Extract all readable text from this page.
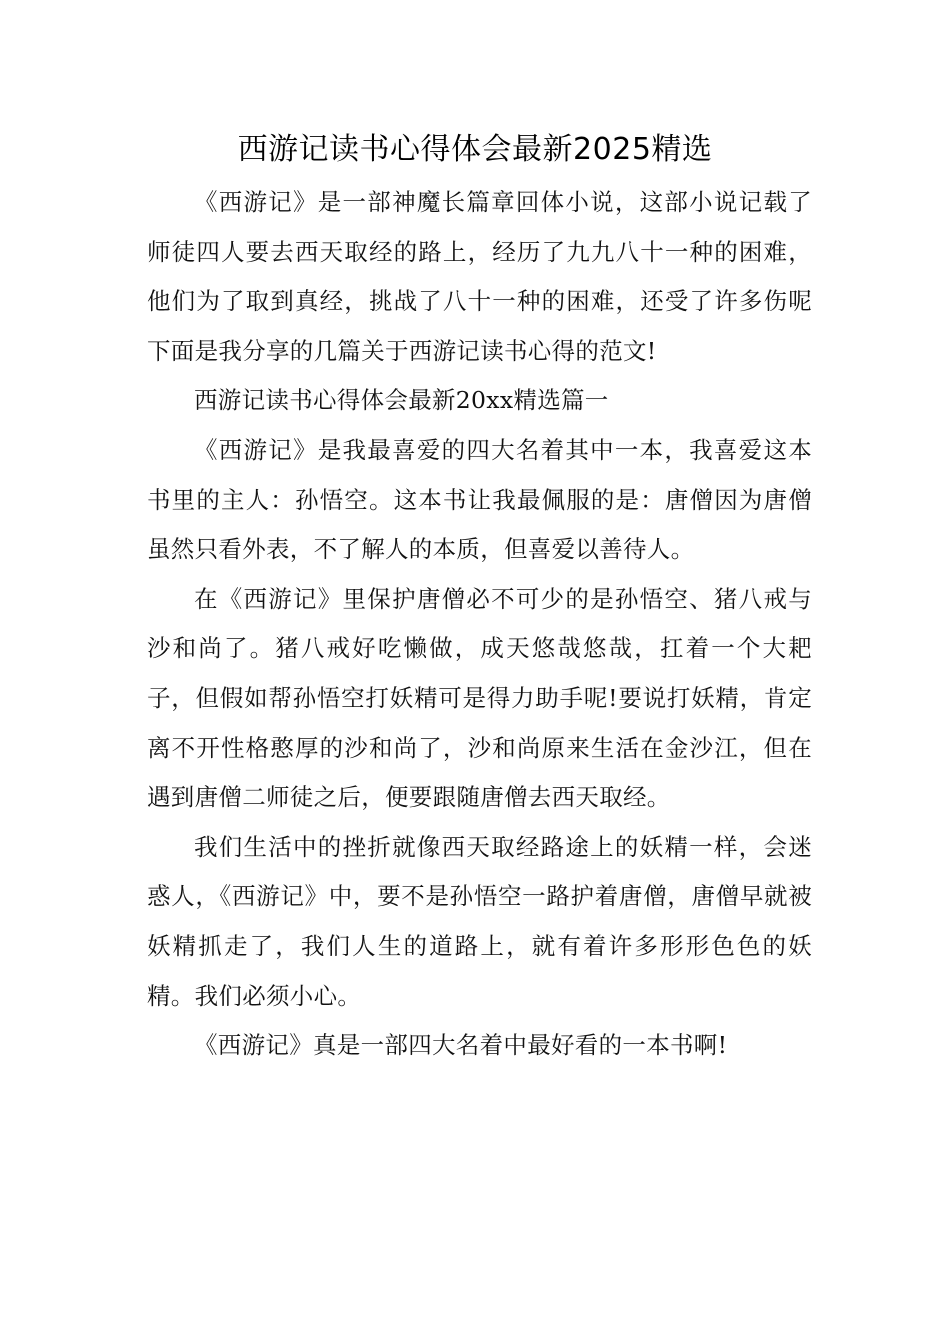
西游记读书心得体会最新2025精选

《西游记》是一部神魔长篇章回体小说，这部小说记载了师徒四人要去西天取经的路上，经历了九九八十一种的困难，他们为了取到真经，挑战了八十一种的困难，还受了许多伤呢下面是我分享的几篇关于西游记读书心得的范文!

西游记读书心得体会最新20xx精选篇一

《西游记》是我最喜爱的四大名着其中一本，我喜爱这本书里的主人：孙悟空。这本书让我最佩服的是：唐僧因为唐僧虽然只看外表，不了解人的本质，但喜爱以善待人。

在《西游记》里保护唐僧必不可少的是孙悟空、猪八戒与沙和尚了。猪八戒好吃懒做，成天悠哉悠哉，扛着一个大耙子，但假如帮孙悟空打妖精可是得力助手呢!要说打妖精，肯定离不开性格憨厚的沙和尚了，沙和尚原来生活在金沙江，但在遇到唐僧二师徒之后，便要跟随唐僧去西天取经。

我们生活中的挫折就像西天取经路途上的妖精一样，会迷惑人，《西游记》中，要不是孙悟空一路护着唐僧，唐僧早就被妖精抓走了，我们人生的道路上，就有着许多形形色色的妖精。我们必须小心。

《西游记》真是一部四大名着中最好看的一本书啊!
